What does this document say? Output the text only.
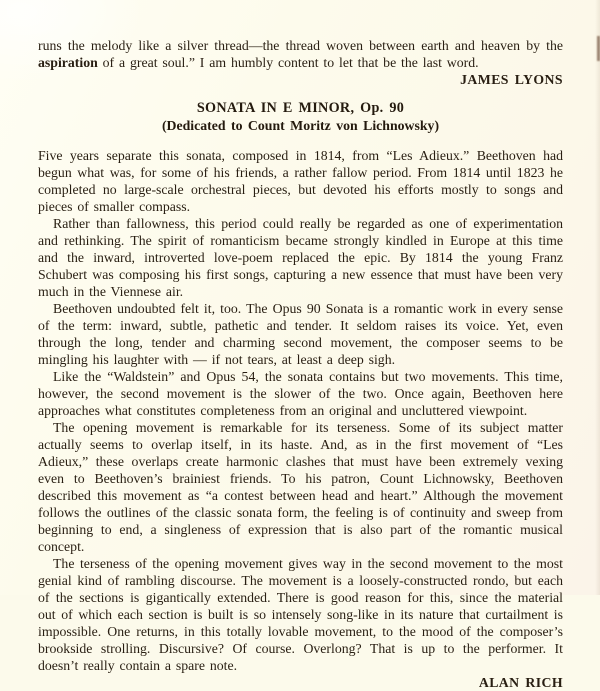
runs the melody like a silver thread—the thread woven between earth and heaven by the aspiration of a great soul.” I am humbly content to let that be the last word.

JAMES LYONS

SONATA IN E MINOR, Op. 90

(Dedicated to Count Moritz von Lichnowsky)

Five years separate this sonata, composed in 1814, from “Les Adieux.” Beethoven had begun what was, for some of his friends, a rather fallow period. From 1814 until 1823 he completed no large-scale orchestral pieces, but devoted his efforts mostly to songs and pieces of smaller compass.

Rather than fallowness, this period could really be regarded as one of experimentation and rethinking. The spirit of romanticism became strongly kindled in Europe at this time and the inward, introverted love-poem replaced the epic. By 1814 the young Franz Schubert was composing his first songs, capturing a new essence that must have been very much in the Viennese air.

Beethoven undoubted felt it, too. The Opus 90 Sonata is a romantic work in every sense of the term: inward, subtle, pathetic and tender. It seldom raises its voice. Yet, even through the long, tender and charming second movement, the composer seems to be mingling his laughter with — if not tears, at least a deep sigh.

Like the “Waldstein” and Opus 54, the sonata contains but two movements. This time, however, the second movement is the slower of the two. Once again, Beethoven here approaches what constitutes completeness from an original and uncluttered viewpoint.

The opening movement is remarkable for its terseness. Some of its subject matter actually seems to overlap itself, in its haste. And, as in the first movement of “Les Adieux,” these overlaps create harmonic clashes that must have been extremely vexing even to Beethoven’s brainiest friends. To his patron, Count Lichnowsky, Beethoven described this movement as “a contest between head and heart.” Although the movement follows the outlines of the classic sonata form, the feeling is of continuity and sweep from beginning to end, a singleness of expression that is also part of the romantic musical concept.

The terseness of the opening movement gives way in the second movement to the most genial kind of rambling discourse. The movement is a loosely-constructed rondo, but each of the sections is gigantically extended. There is good reason for this, since the material out of which each section is built is so intensely song-like in its nature that curtailment is impossible. One returns, in this totally lovable movement, to the mood of the composer’s brookside strolling. Discursive? Of course. Overlong? That is up to the performer. It doesn’t really contain a spare note.

ALAN RICH
